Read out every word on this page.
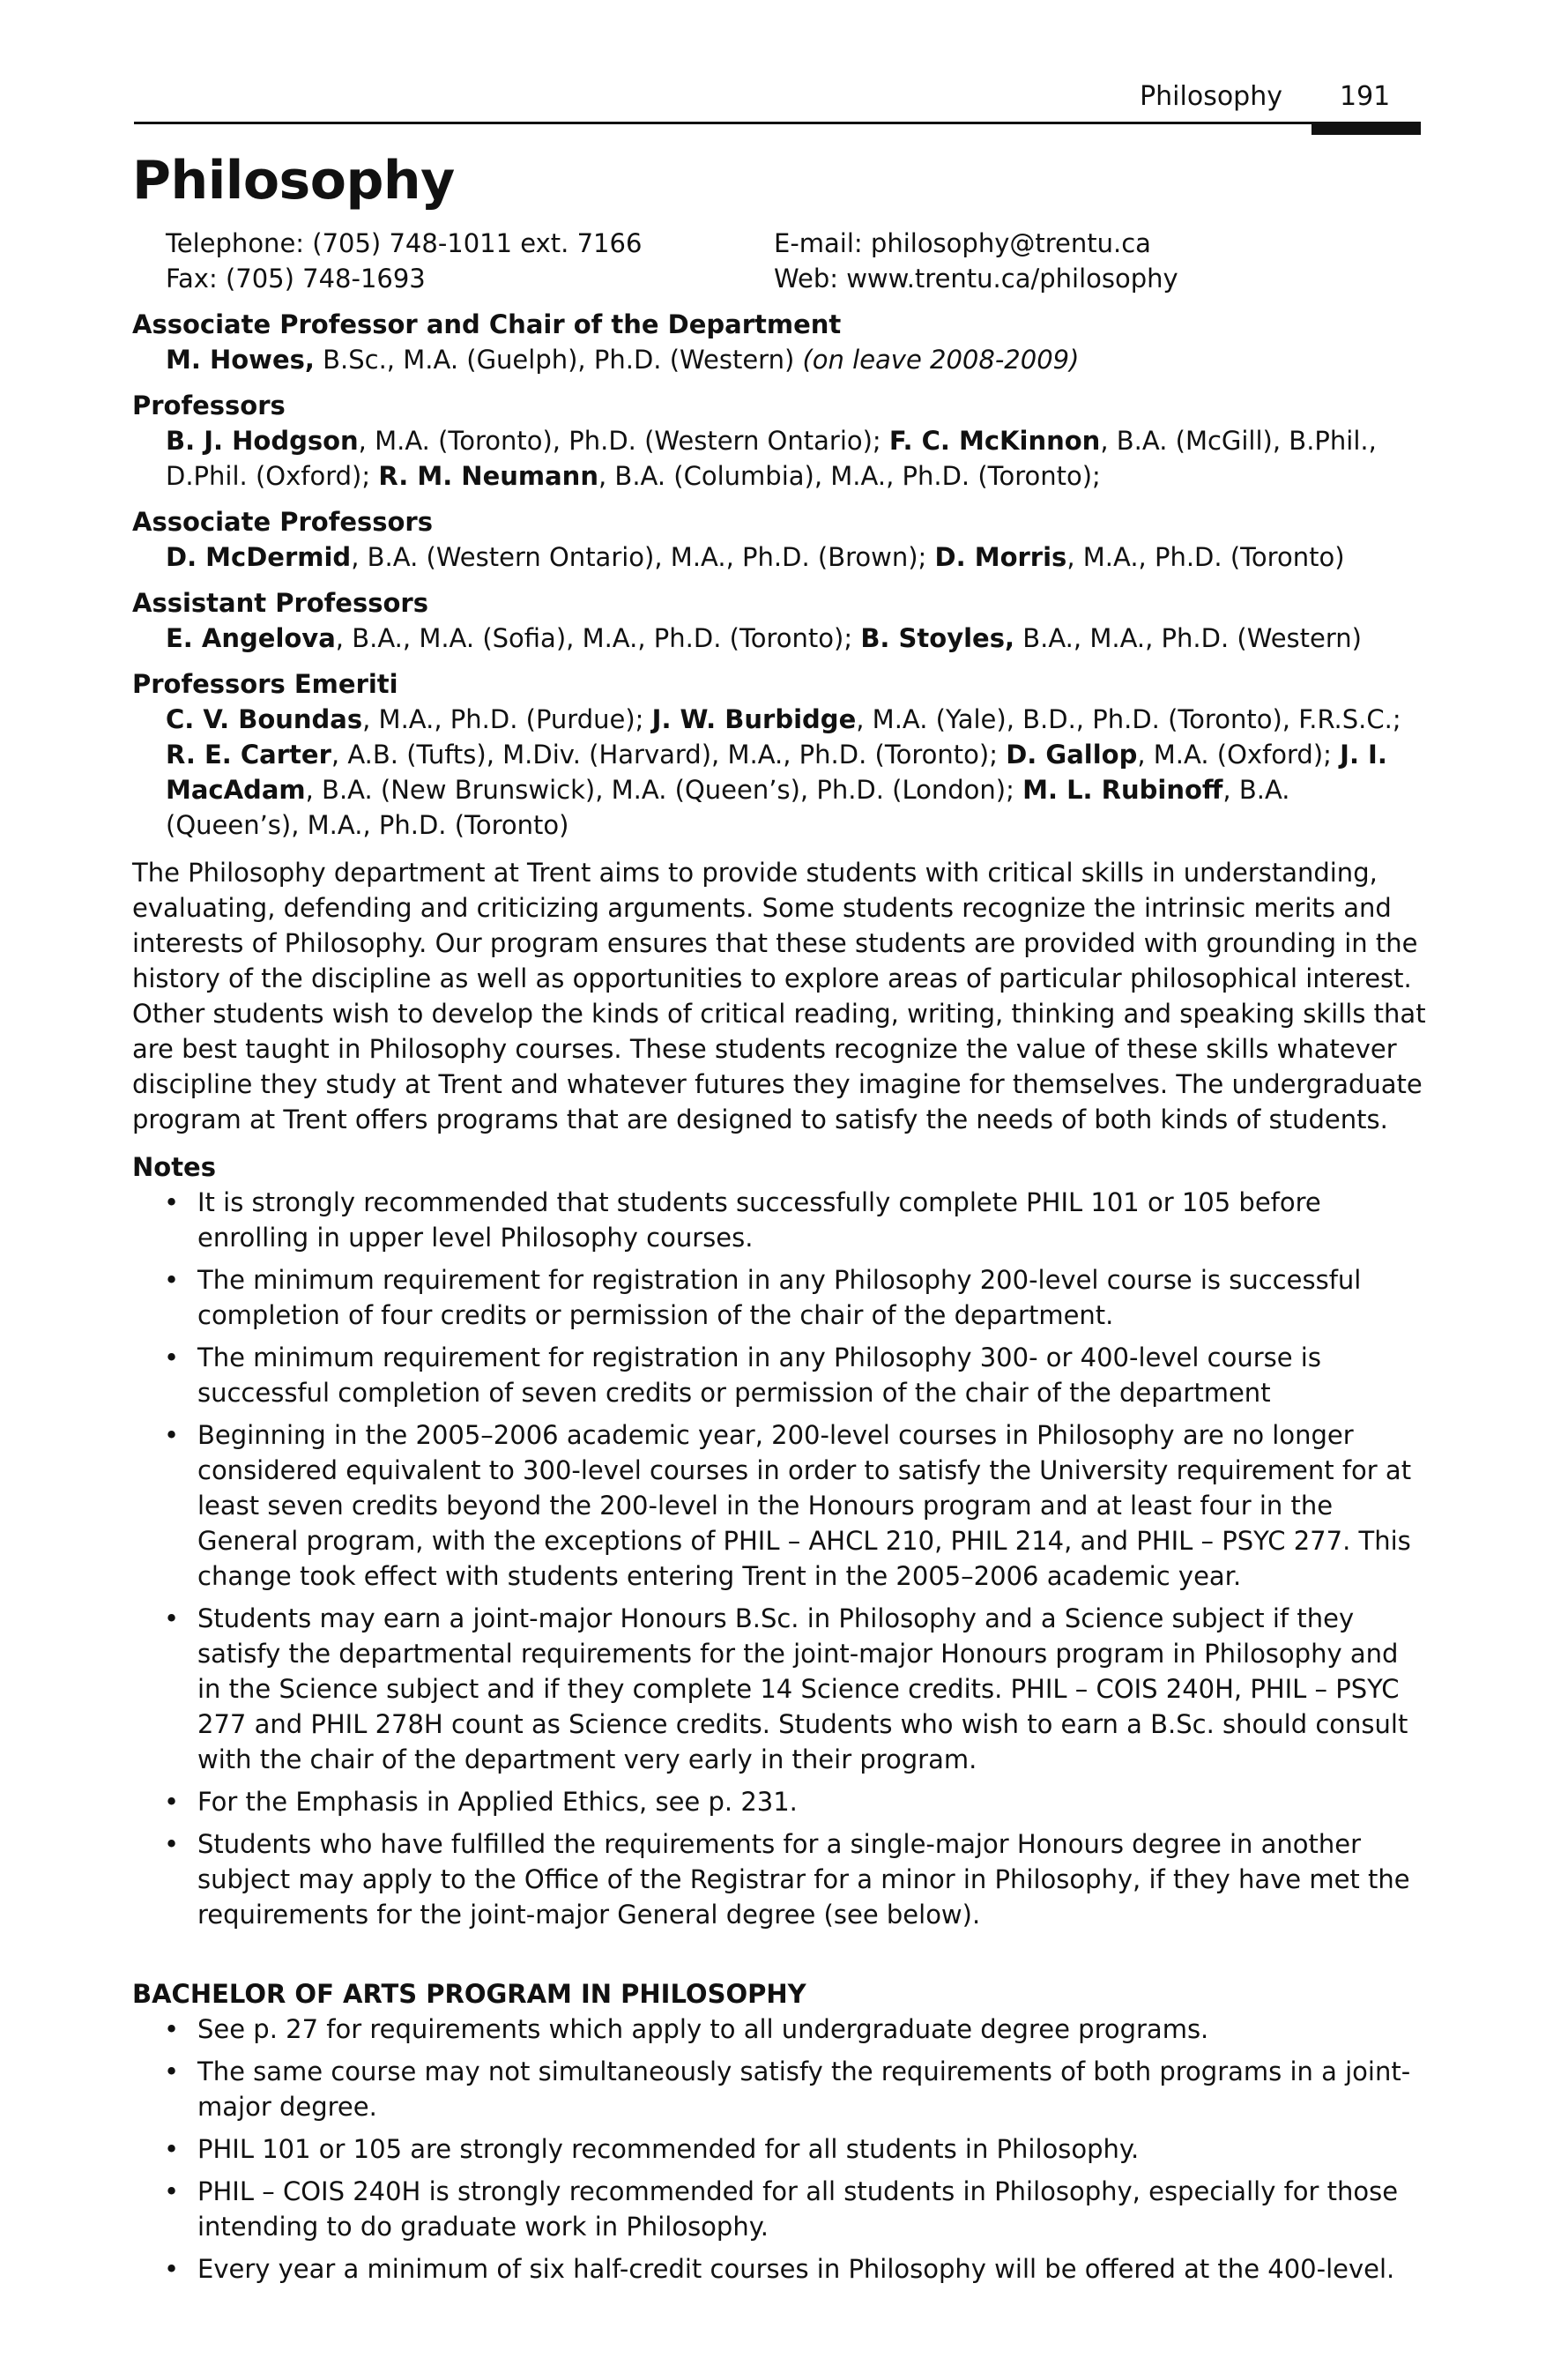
Philosophy 191
Philosophy
Telephone: (705) 748-1011 ext. 7166	E-mail: philosophy@trentu.ca
Fax: (705) 748-1693	Web: www.trentu.ca/philosophy
Associate Professor and Chair of the Department
M. Howes, B.Sc., M.A. (Guelph), Ph.D. (Western) (on leave 2008-2009)
Professors
B. J. Hodgson, M.A. (Toronto), Ph.D. (Western Ontario); F. C. McKinnon, B.A. (McGill), B.Phil., D.Phil. (Oxford); R. M. Neumann, B.A. (Columbia), M.A., Ph.D. (Toronto);
Associate Professors
D. McDermid, B.A. (Western Ontario), M.A., Ph.D. (Brown); D. Morris, M.A., Ph.D. (Toronto)
Assistant Professors
E. Angelova, B.A., M.A. (Sofia), M.A., Ph.D. (Toronto); B. Stoyles, B.A., M.A., Ph.D. (Western)
Professors Emeriti
C. V. Boundas, M.A., Ph.D. (Purdue); J. W. Burbidge, M.A. (Yale), B.D., Ph.D. (Toronto), F.R.S.C.; R. E. Carter, A.B. (Tufts), M.Div. (Harvard), M.A., Ph.D. (Toronto); D. Gallop, M.A. (Oxford); J. I. MacAdam, B.A. (New Brunswick), M.A. (Queen’s), Ph.D. (London); M. L. Rubinoff, B.A. (Queen’s), M.A., Ph.D. (Toronto)

The Philosophy department at Trent aims to provide students with critical skills in understanding, evaluating, defending and criticizing arguments. Some students recognize the intrinsic merits and interests of Philosophy. Our program ensures that these students are provided with grounding in the history of the discipline as well as opportunities to explore areas of particular philosophical interest. Other students wish to develop the kinds of critical reading, writing, thinking and speaking skills that are best taught in Philosophy courses. These students recognize the value of these skills whatever discipline they study at Trent and whatever futures they imagine for themselves. The undergraduate program at Trent offers programs that are designed to satisfy the needs of both kinds of students.

Notes
• It is strongly recommended that students successfully complete PHIL 101 or 105 before enrolling in upper level Philosophy courses.
• The minimum requirement for registration in any Philosophy 200-level course is successful completion of four credits or permission of the chair of the department.
• The minimum requirement for registration in any Philosophy 300- or 400-level course is successful completion of seven credits or permission of the chair of the department
• Beginning in the 2005–2006 academic year, 200-level courses in Philosophy are no longer considered equivalent to 300-level courses in order to satisfy the University requirement for at least seven credits beyond the 200-level in the Honours program and at least four in the General program, with the exceptions of PHIL – AHCL 210, PHIL 214, and PHIL – PSYC 277. This change took effect with students entering Trent in the 2005–2006 academic year.
• Students may earn a joint-major Honours B.Sc. in Philosophy and a Science subject if they satisfy the departmental requirements for the joint-major Honours program in Philosophy and in the Science subject and if they complete 14 Science credits. PHIL – COIS 240H, PHIL – PSYC 277 and PHIL 278H count as Science credits. Students who wish to earn a B.Sc. should consult with the chair of the department very early in their program.
• For the Emphasis in Applied Ethics, see p. 231.
• Students who have fulfilled the requirements for a single-major Honours degree in another subject may apply to the Office of the Registrar for a minor in Philosophy, if they have met the requirements for the joint-major General degree (see below).
BACHELOR OF ARTS PROGRAM IN PHILOSOPHY
• See p. 27 for requirements which apply to all undergraduate degree programs.
• The same course may not simultaneously satisfy the requirements of both programs in a joint-major degree.
• PHIL 101 or 105 are strongly recommended for all students in Philosophy.
• PHIL – COIS 240H is strongly recommended for all students in Philosophy, especially for those intending to do graduate work in Philosophy.
• Every year a minimum of six half-credit courses in Philosophy will be offered at the 400-level.
